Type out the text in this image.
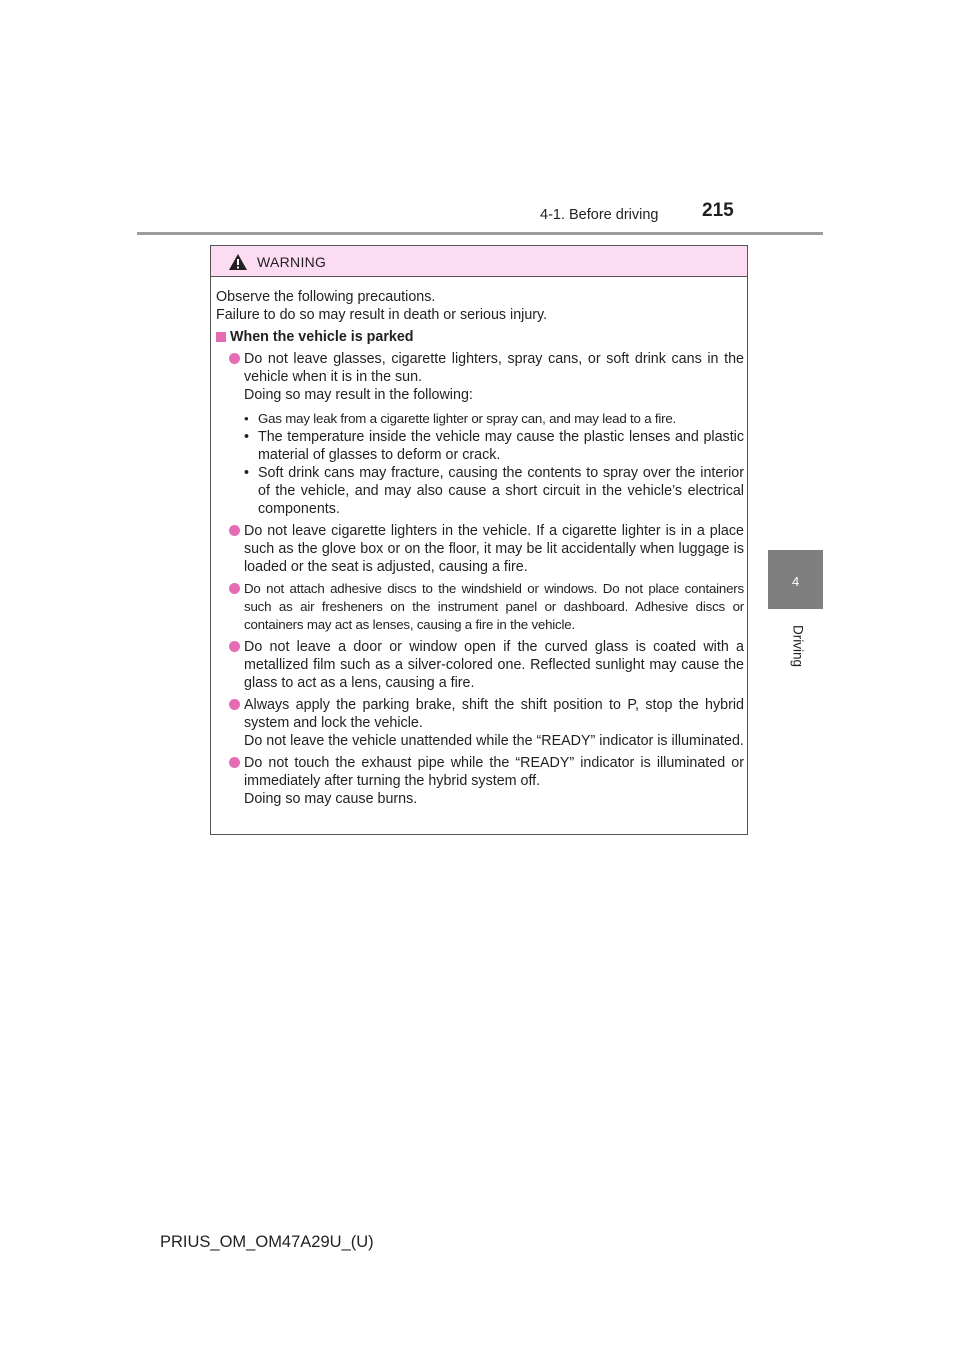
4-1. Before driving 215
4
Driving
WARNING

Observe the following precautions.

Failure to do so may result in death or serious injury.

When the vehicle is parked
Do not leave glasses, cigarette lighters, spray cans, or soft drink cans in the vehicle when it is in the sun.
Doing so may result in the following:
• Gas may leak from a cigarette lighter or spray can, and may lead to a fire.
• The temperature inside the vehicle may cause the plastic lenses and plastic material of glasses to deform or crack.
• Soft drink cans may fracture, causing the contents to spray over the interior of the vehicle, and may also cause a short circuit in the vehicle’s electrical components.
Do not leave cigarette lighters in the vehicle. If a cigarette lighter is in a place such as the glove box or on the floor, it may be lit accidentally when luggage is loaded or the seat is adjusted, causing a fire.
Do not attach adhesive discs to the windshield or windows. Do not place containers such as air fresheners on the instrument panel or dashboard. Adhesive discs or containers may act as lenses, causing a fire in the vehicle.
Do not leave a door or window open if the curved glass is coated with a metallized film such as a silver-colored one. Reflected sunlight may cause the glass to act as a lens, causing a fire.
Always apply the parking brake, shift the shift position to P, stop the hybrid system and lock the vehicle.
Do not leave the vehicle unattended while the “READY” indicator is illuminated.
Do not touch the exhaust pipe while the “READY” indicator is illuminated or immediately after turning the hybrid system off.
Doing so may cause burns.
PRIUS_OM_OM47A29U_(U)
